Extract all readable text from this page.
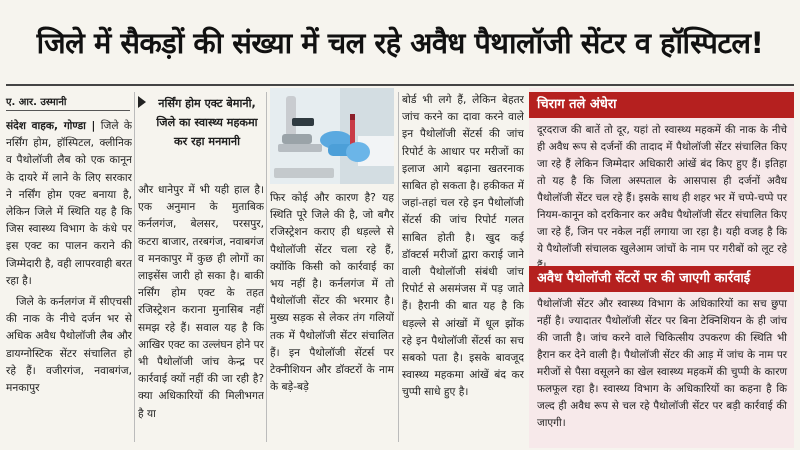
जिले में सैकड़ों की संख्या में चल रहे अवैध पैथालॉजी सेंटर व हॉस्पिटल!
ए. आर. उस्मानी
संदेश वाहक, गोण्डा | जिले के नर्सिंग होम, हॉस्पिटल, क्लीनिक व पैथोलॉजी लैब को एक कानून के दायरे में लाने के लिए सरकार ने नर्सिंग होम एक्ट बनाया है, लेकिन जिले में स्थिति यह है कि जिस स्वास्थ्य विभाग के कंधे पर इस एक्ट का पालन कराने की जिम्मेदारी है, वही लापरवाही बरत रहा है।
जिले के कर्नलगंज में सीएचसी की नाक के नीचे दर्जन भर से अधिक अवैध पैथोलॉजी लैब और डायग्नोस्टिक सेंटर संचालित हो रहे हैं। वजीरगंज, नवाबगंज, मनकापुर
नर्सिंग होम एक्ट बेमानी, जिले का स्वास्थ्य महकमा कर रहा मनमानी
और धानेपुर में भी यही हाल है। एक अनुमान के मुताबिक कर्नलगंज, बेलसर, परसपुर, कटरा बाजार, तरबगंज, नवाबगंज व मनकापुर में कुछ ही लोगों का लाइसेंस जारी हो सका है। बाकी नर्सिंग होम एक्ट के तहत रजिस्ट्रेशन कराना मुनासिब नहीं समझ रहे हैं। सवाल यह है कि आखिर एक्ट का उल्लंघन होने पर भी पैथोलॉजी जांच केन्द्र पर कार्रवाई क्यों नहीं की जा रही है? क्या अधिकारियों की मिलीभगत है या
फिर कोई और कारण है? यह स्थिति पूरे जिले की है, जो बगैर रजिस्ट्रेशन कराए ही धड़ल्ले से पैथोलॉजी सेंटर चला रहे हैं, क्योंकि किसी को कार्रवाई का भय नहीं है। कर्नलगंज में तो पैथोलॉजी सेंटर की भरमार है। मुख्य सड़क से लेकर तंग गलियों तक में पैथोलॉजी सेंटर संचालित हैं। इन पैथोलॉजी सेंटर्स पर टेक्नीशियन और डॉक्टरों के नाम के बड़े-बड़े
बोर्ड भी लगे हैं, लेकिन बेहतर जांच करने का दावा करने वाले इन पैथोलॉजी सेंटर्स की जांच रिपोर्ट के आधार पर मरीजों का इलाज आगे बढ़ाना खतरनाक साबित हो सकता है। हकीकत में जहां-तहां चल रहे इन पैथोलॉजी सेंटर्स की जांच रिपोर्ट गलत साबित होती है। खुद कई डॉक्टर्स मरीजों द्वारा कराई जाने वाली पैथोलॉजी संबंधी जांच रिपोर्ट से असमंजस में पड़ जाते हैं। हैरानी की बात यह है कि धड़ल्ले से आंखों में धूल झोंक रहे इन पैथोलॉजी सेंटर्स का सच सबको पता है। इसके बावजूद स्वास्थ्य महकमा आंखें बंद कर चुप्पी साधे हुए है।
चिराग तले अंधेरा
दूरदराज की बातें तो दूर, यहां तो स्वास्थ्य महकमें की नाक के नीचे ही अवैध रूप से दर्जनों की तादाद में पैथोलॉजी सेंटर संचालित किए जा रहे हैं लेकिन जिम्मेदार अधिकारी आंखें बंद किए हुए हैं। इतिहा तो यह है कि जिला अस्पताल के आसपास ही दर्जनों अवैध पैथोलॉजी सेंटर चल रहे हैं। इसके साथ ही शहर भर में चप्पे-चप्पे पर नियम-कानून को दरकिनार कर अवैध पैथोलॉजी सेंटर संचालित किए जा रहे हैं, जिन पर नकेल नहीं लगाया जा रहा है। यही वजह है कि ये पैथोलॉजी संचालक खुलेआम जांचों के नाम पर गरीबों को लूट रहे
अवैध पैथोलॉजी सेंटरों पर की जाएगी कार्रवाई
पैथोलॉजी सेंटर और स्वास्थ्य विभाग के अधिकारियों का सच छुपा नहीं है। ज्यादातर पैथोलॉजी सेंटर पर बिना टेक्निशियन के ही जांच की जाती है। जांच करने वाले चिकित्सीय उपकरण की स्थिति भी हैरान कर देने वाली है। पैथोलॉजी सेंटर की आड़ में जांच के नाम पर मरीजों से पैसा वसूलने का खेल स्वास्थ्य महकमें की चुप्पी के कारण फलफूल रहा है। स्वास्थ्य विभाग के अधिकारियों का कहना है कि जल्द ही अवैध रूप से चल रहे पैथोलॉजी सेंटर पर बड़ी कार्रवाई की जाएगी।
